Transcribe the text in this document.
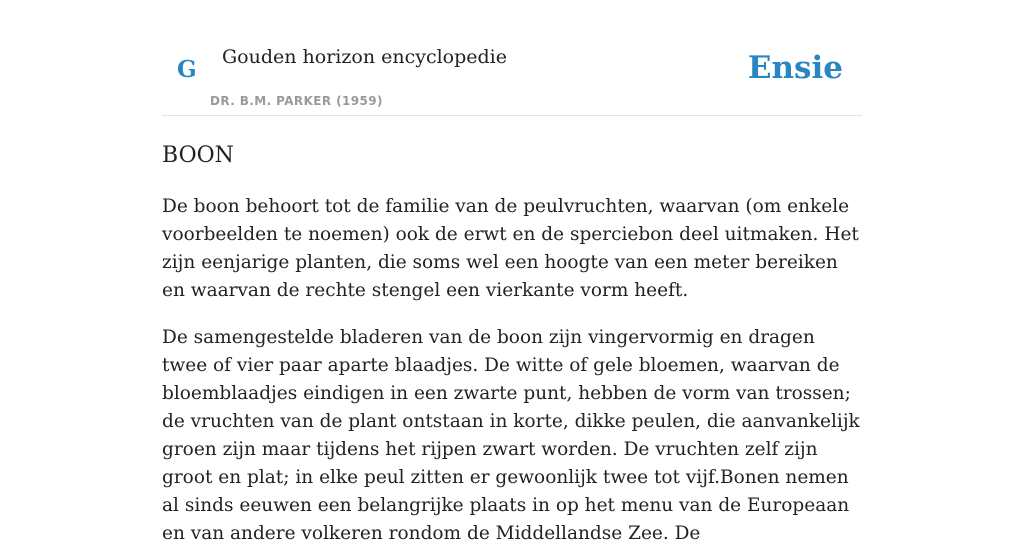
G Gouden horizon encyclopedie
DR. B.M. PARKER (1959)
Ensie
BOON

De boon behoort tot de familie van de peulvruchten, waarvan (om enkele voorbeelden te noemen) ook de erwt en de sperciebon deel uitmaken. Het zijn eenjarige planten, die soms wel een hoogte van een meter bereiken en waarvan de rechte stengel een vierkante vorm heeft.

De samengestelde bladeren van de boon zijn vingervormig en dragen twee of vier paar aparte blaadjes. De witte of gele bloemen, waarvan de bloemblaadjes eindigen in een zwarte punt, hebben de vorm van trossen; de vruchten van de plant ontstaan in korte, dikke peulen, die aanvankelijk groen zijn maar tijdens het rijpen zwart worden. De vruchten zelf zijn groot en plat; in elke peul zitten er gewoonlijk twee tot vijf.Bonen nemen al sinds eeuwen een belangrijke plaats in op het menu van de Europeaan en van andere volkeren rondom de Middellandse Zee. De
